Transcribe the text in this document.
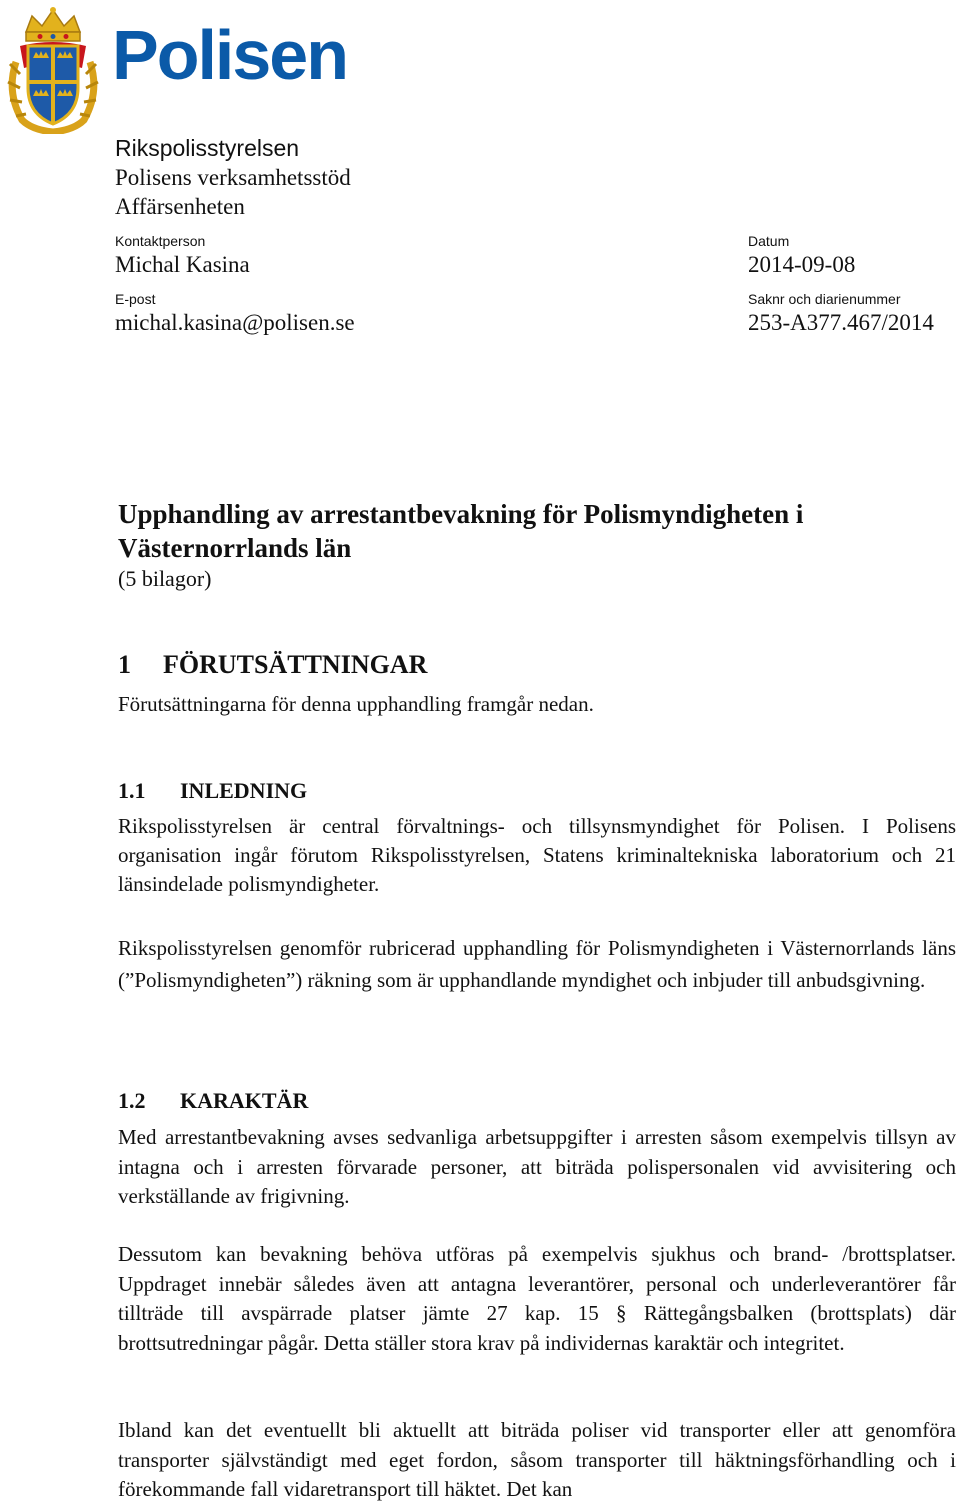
Polisen
Rikspolisstyrelsen
Polisens verksamhetsstöd
Affärsenheten
Kontaktperson
Michal Kasina
E-post
michal.kasina@polisen.se
Datum
2014-09-08
Saknr och diarienummer
253-A377.467/2014
Upphandling av arrestantbevakning för Polismyndigheten i
Västernorrlands län
(5 bilagor)
1 FÖRUTSÄTTNINGAR

Förutsättningarna för denna upphandling framgår nedan.

1.1 INLEDNING

Rikspolisstyrelsen är central förvaltnings- och tillsynsmyndighet för Polisen. I Polisens organisation ingår förutom Rikspolisstyrelsen, Statens kriminaltekniska laboratorium och 21 länsindelade polismyndigheter.

Rikspolisstyrelsen genomför rubricerad upphandling för Polismyndigheten i Västernorrlands läns (”Polismyndigheten”) räkning som är upphandlande myndighet och inbjuder till anbudsgivning.

1.2 KARAKTÄR

Med arrestantbevakning avses sedvanliga arbetsuppgifter i arresten såsom exempelvis tillsyn av intagna och i arresten förvarade personer, att biträda polispersonalen vid avvisitering och verkställande av frigivning.

Dessutom kan bevakning behöva utföras på exempelvis sjukhus och brand- /brottsplatser. Uppdraget innebär således även att antagna leverantörer, personal och underleverantörer får tillträde till avspärrade platser jämte 27 kap. 15 § Rättegångsbalken (brottsplats) där brottsutredningar pågår. Detta ställer stora krav på individernas karaktär och integritet.

Ibland kan det eventuellt bli aktuellt att biträda poliser vid transporter eller att genomföra transporter självständigt med eget fordon, såsom transporter till häktningsförhandling och i förekommande fall vidaretransport till häktet. Det kan
